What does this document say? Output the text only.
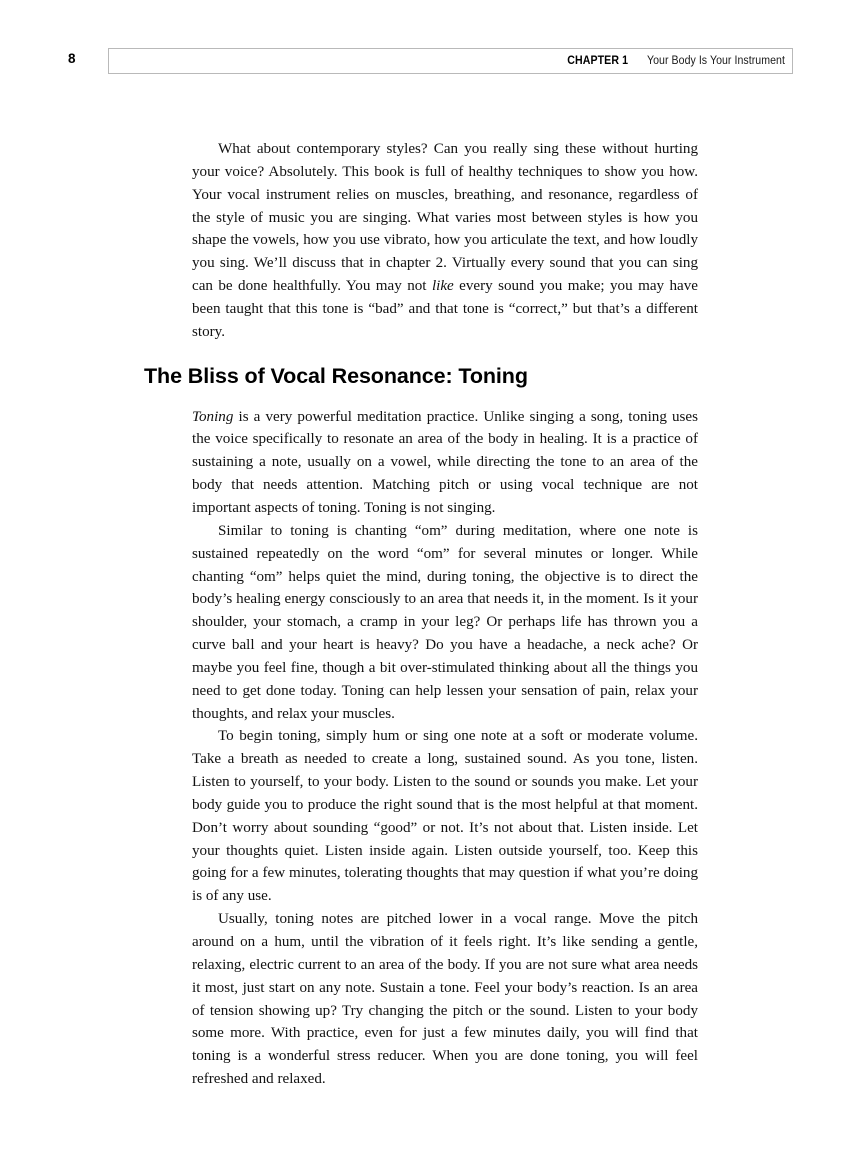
8	CHAPTER 1 Your Body Is Your Instrument

What about contemporary styles? Can you really sing these without hurting your voice? Absolutely. This book is full of healthy techniques to show you how. Your vocal instrument relies on muscles, breathing, and resonance, regardless of the style of music you are singing. What varies most between styles is how you shape the vowels, how you use vibrato, how you articulate the text, and how loudly you sing. We’ll discuss that in chapter 2. Virtually every sound that you can sing can be done healthfully. You may not like every sound you make; you may have been taught that this tone is “bad” and that tone is “correct,” but that’s a different story.

The Bliss of Vocal Resonance: Toning

Toning is a very powerful meditation practice. Unlike singing a song, toning uses the voice specifically to resonate an area of the body in healing. It is a practice of sustaining a note, usually on a vowel, while directing the tone to an area of the body that needs attention. Matching pitch or using vocal technique are not important aspects of toning. Toning is not singing.

Similar to toning is chanting “om” during meditation, where one note is sustained repeatedly on the word “om” for several minutes or longer. While chanting “om” helps quiet the mind, during toning, the objective is to direct the body’s healing energy consciously to an area that needs it, in the moment. Is it your shoulder, your stomach, a cramp in your leg? Or perhaps life has thrown you a curve ball and your heart is heavy? Do you have a headache, a neck ache? Or maybe you feel fine, though a bit over-stimulated thinking about all the things you need to get done today. Toning can help lessen your sensation of pain, relax your thoughts, and relax your muscles.

To begin toning, simply hum or sing one note at a soft or moderate volume. Take a breath as needed to create a long, sustained sound. As you tone, listen. Listen to yourself, to your body. Listen to the sound or sounds you make. Let your body guide you to produce the right sound that is the most helpful at that moment. Don’t worry about sounding “good” or not. It’s not about that. Listen inside. Let your thoughts quiet. Listen inside again. Listen outside yourself, too. Keep this going for a few minutes, tolerating thoughts that may question if what you’re doing is of any use.

Usually, toning notes are pitched lower in a vocal range. Move the pitch around on a hum, until the vibration of it feels right. It’s like sending a gentle, relaxing, electric current to an area of the body. If you are not sure what area needs it most, just start on any note. Sustain a tone. Feel your body’s reaction. Is an area of tension showing up? Try changing the pitch or the sound. Listen to your body some more. With practice, even for just a few minutes daily, you will find that toning is a wonderful stress reducer. When you are done toning, you will feel refreshed and relaxed.
